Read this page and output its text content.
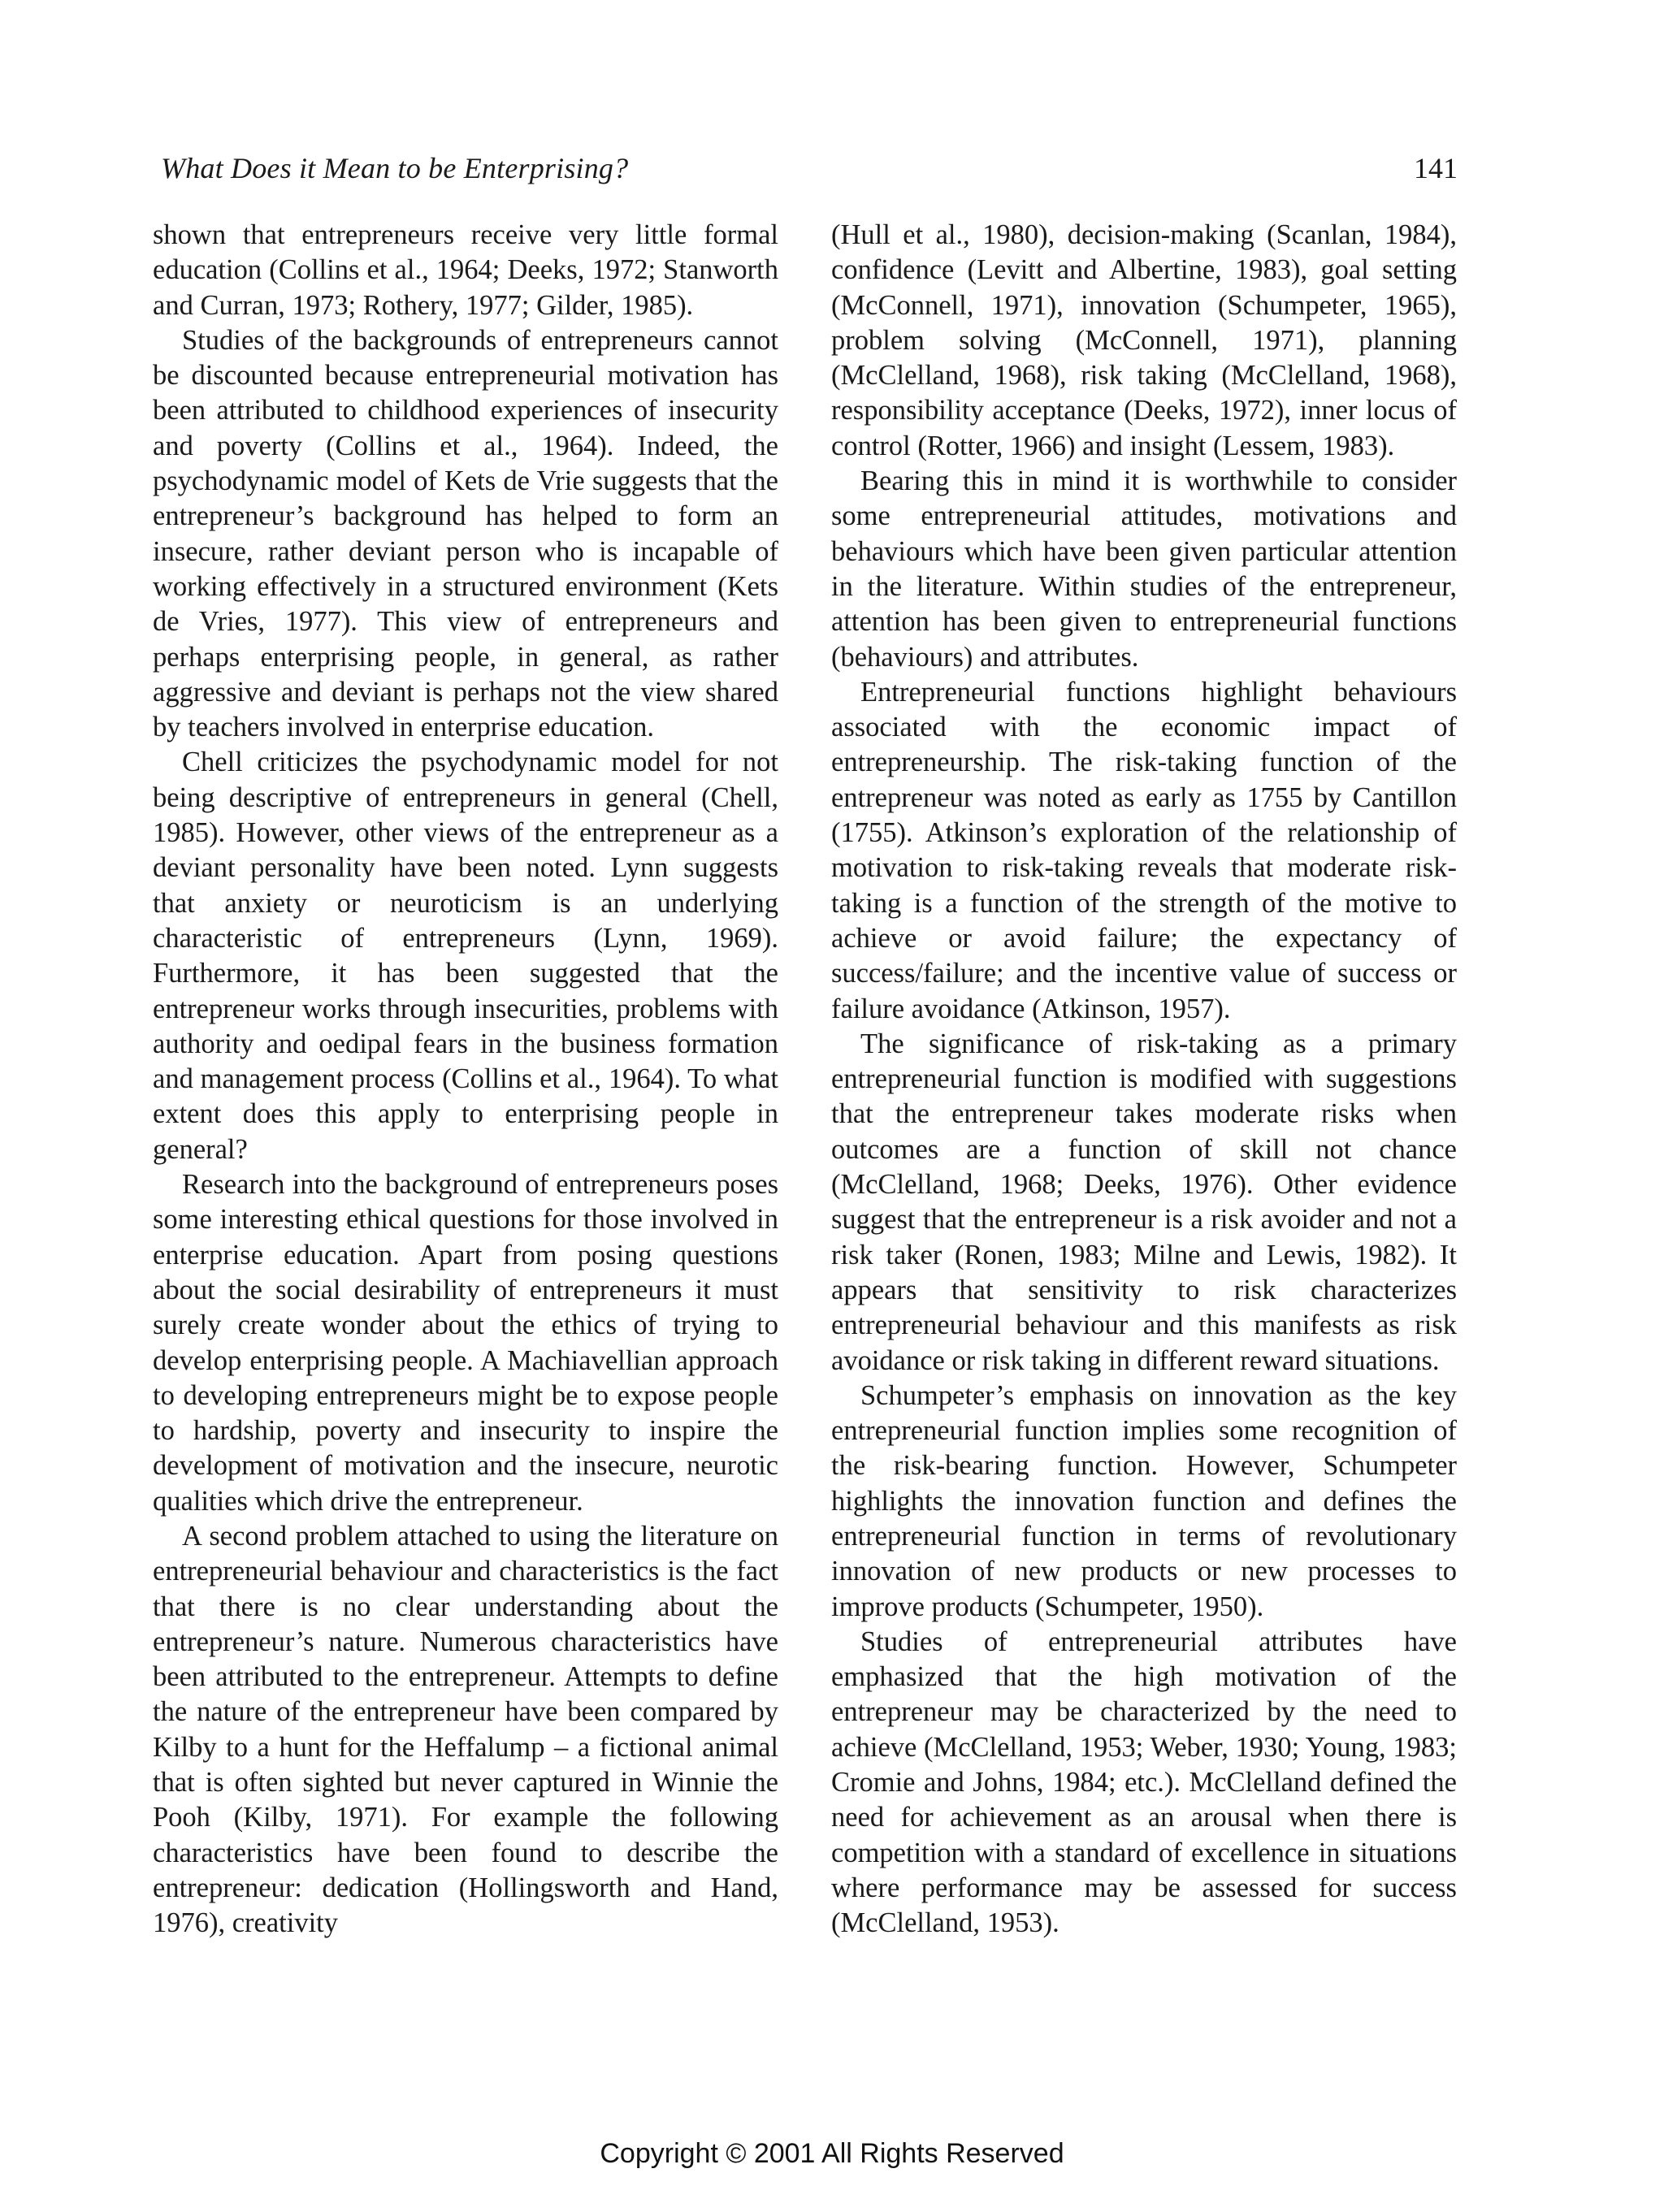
What Does it Mean to be Enterprising?	141

shown that entrepreneurs receive very little formal education (Collins et al., 1964; Deeks, 1972; Stanworth and Curran, 1973; Rothery, 1977; Gilder, 1985).

Studies of the backgrounds of entrepreneurs cannot be discounted because entrepreneurial motivation has been attributed to childhood experiences of insecurity and poverty (Collins et al., 1964). Indeed, the psychodynamic model of Kets de Vrie suggests that the entrepreneur’s background has helped to form an insecure, rather deviant person who is incapable of working effectively in a structured environment (Kets de Vries, 1977). This view of entrepreneurs and perhaps enterprising people, in general, as rather aggressive and deviant is perhaps not the view shared by teachers involved in enterprise education.

Chell criticizes the psychodynamic model for not being descriptive of entrepreneurs in general (Chell, 1985). However, other views of the entrepreneur as a deviant personality have been noted. Lynn suggests that anxiety or neuroticism is an underlying characteristic of entrepreneurs (Lynn, 1969). Furthermore, it has been suggested that the entrepreneur works through insecurities, problems with authority and oedipal fears in the business formation and management process (Collins et al., 1964). To what extent does this apply to enterprising people in general?

Research into the background of entrepreneurs poses some interesting ethical questions for those involved in enterprise education. Apart from posing questions about the social desirability of entrepreneurs it must surely create wonder about the ethics of trying to develop enterprising people. A Machiavellian approach to developing entrepreneurs might be to expose people to hardship, poverty and insecurity to inspire the development of motivation and the insecure, neurotic qualities which drive the entrepreneur.

A second problem attached to using the literature on entrepreneurial behaviour and characteristics is the fact that there is no clear understanding about the entrepreneur’s nature. Numerous characteristics have been attributed to the entrepreneur. Attempts to define the nature of the entrepreneur have been compared by Kilby to a hunt for the Heffalump – a fictional animal that is often sighted but never captured in Winnie the Pooh (Kilby, 1971). For example the following characteristics have been found to describe the entrepreneur: dedication (Hollingsworth and Hand, 1976), creativity

(Hull et al., 1980), decision-making (Scanlan, 1984), confidence (Levitt and Albertine, 1983), goal setting (McConnell, 1971), innovation (Schumpeter, 1965), problem solving (McConnell, 1971), planning (McClelland, 1968), risk taking (McClelland, 1968), responsibility acceptance (Deeks, 1972), inner locus of control (Rotter, 1966) and insight (Lessem, 1983).

Bearing this in mind it is worthwhile to consider some entrepreneurial attitudes, motivations and behaviours which have been given particular attention in the literature. Within studies of the entrepreneur, attention has been given to entrepreneurial functions (behaviours) and attributes.

Entrepreneurial functions highlight behaviours associated with the economic impact of entrepreneurship. The risk-taking function of the entrepreneur was noted as early as 1755 by Cantillon (1755). Atkinson’s exploration of the relationship of motivation to risk-taking reveals that moderate risk-taking is a function of the strength of the motive to achieve or avoid failure; the expectancy of success/failure; and the incentive value of success or failure avoidance (Atkinson, 1957).

The significance of risk-taking as a primary entrepreneurial function is modified with suggestions that the entrepreneur takes moderate risks when outcomes are a function of skill not chance (McClelland, 1968; Deeks, 1976). Other evidence suggest that the entrepreneur is a risk avoider and not a risk taker (Ronen, 1983; Milne and Lewis, 1982). It appears that sensitivity to risk characterizes entrepreneurial behaviour and this manifests as risk avoidance or risk taking in different reward situations.

Schumpeter’s emphasis on innovation as the key entrepreneurial function implies some recognition of the risk-bearing function. However, Schumpeter highlights the innovation function and defines the entrepreneurial function in terms of revolutionary innovation of new products or new processes to improve products (Schumpeter, 1950).

Studies of entrepreneurial attributes have emphasized that the high motivation of the entrepreneur may be characterized by the need to achieve (McClelland, 1953; Weber, 1930; Young, 1983; Cromie and Johns, 1984; etc.). McClelland defined the need for achievement as an arousal when there is competition with a standard of excellence in situations where performance may be assessed for success (McClelland, 1953).

Copyright © 2001 All Rights Reserved
